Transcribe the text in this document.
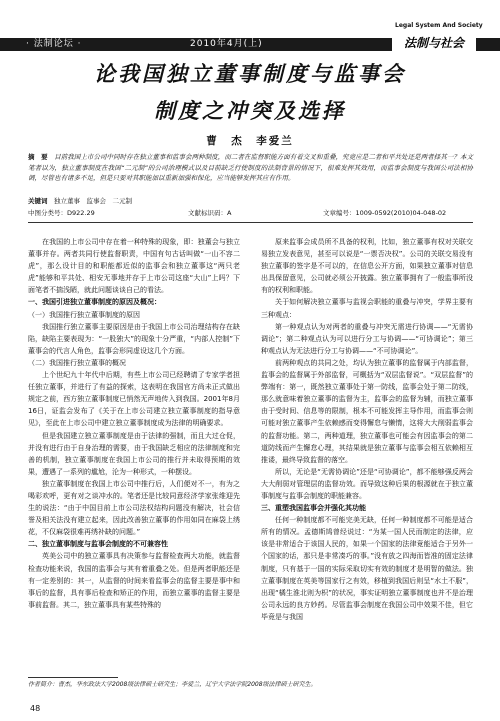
· 法制论坛 ·	2010年4月(上)
Legal System And Society
法制与社会
论我国独立董事制度与监事会
制度之冲突及选择
曹　杰　李爱兰
摘　要　 目前我国上市公司中同时存在独立董事和监事会两种制度，而二者在监督职能方面有着交叉和重叠，究竟应是二者和平共处还是两者择其一？本文笔者以为，独立董事制度在我国“二元制”的公司治理模式以及目前缺乏行使制度的法制背景的情况下，很难发挥其效用，而监事会制度与我国公司法相协调，尽管也有诸多不足，但是只要对其职能加以重新加强和保化，应当能够发挥其应有作用。
关键词　 独立董事　监事会　二元制
中图分类号：D922.29	文献标识码：A	文章编号：1009-0592(2010)04-048-02

在我国的上市公司中存在着一种特殊的现象，即：独董会与独立董事并存。两者共同行使监督职责，中国有句古话叫做“一山不容二虎”，那么设计目的和职能都近似的监事会和独立董事这“两只老虎”能够和平共处、相安无事地并存于上市公司这座“大山”上吗？下面笔者不揣浅陋，就此问题谈谈自己的看法。

一、我国引进独立董事制度的原因及概况：

（一）我国推行独立董事制度的原因

我国推行独立董事主要原因是由于我国上市公司治理结构存在缺陷，缺陷主要表现为：“一股独大”的现象十分严重，“内部人控制”下董事会的代言人角色，监事会形同虚设这几个方面。

（二）我国推行独立董事的概况

上个世纪九十年代中后期，有些上市公司已经聘请了专家学者担任独立董事，并进行了有益的探索，这表明在我国官方尚未正式做出规定之前，西方独立董事制度已悄然无声地传入到我国。2001年8月16日，证监会发布了《关于在上市公司建立独立董事制度的指导意见》，至此在上市公司中建立独立董事制度成为法律的明确要求。

但是我国建立独立董事制度是由于法律的强制，而且大过仓促，并没有进行由于自身治理的需要，由于我国缺乏相应的法律制度和完善的机制，独立董事制度在我国上市公司的推行并未取得预期的效果，遭遇了一系列的尴尬，沦为一种形式，一种摆设。

独立董事制度在我国上市公司中推行后，人们便对不一，有为之喝彩欢呼，更有对之谈冲水的。笔者还是比较同意经济学家张维迎先生的说法：“由于中国目前上市公司法权结构问题没有解决，社会信誉及相关法没有建立起来，因此改善独立董事的作用如同在麻袋上绣花，不仅麻袋很难再绣补缺的问题。”

二、独立董事制度与监事会制度的不可兼容性

英美公司中的独立董事具有决策参与监督检查两大功能，就监督检查功能来说，我国的监事会与其有着重叠之处。但是两者职能还是有一定差别的：其一，从监督的时间来看监事会的监督主要是事中和事后的监督，具有事后检查和矫正的作用，而独立董事的监督主要是事前监督。其二，独立董事具有某些特殊的

原来监事会成员所不具备的权利，比如，独立董事有权对关联交易独立发表意见，甚至可以说是“一票否决权”。公司的关联交易没有独立董事的签字是不可以的，在信息公开方面，如果独立董事对信息出具保留意见，公司就必须公开披露。独立董事拥有了一般监事所没有的权利和职能。

关于如何解决独立董事与监视会职能的重叠与冲突，学界主要有三种观点：

第一种观点认为对两者的重叠与冲突无需进行协调——“无需协调论”；第二种观点认为可以进行分工与协调——“可协调论”；第三种观点认为无法进行分工与协调——“不可协调论”。

前两种观点的共同之处，均认为独立董事的监督属于内部监督，监事会的监督属于外部监督，可概括为“双层监督说”。“双层监督”的弊端有：第一，既然独立董事处于第一防线，监事会处于第二防线，那么就意味着独立董事的监督为主，监事会的监督为辅，而独立董事由于受时间、信息等的限制，根本不可能发挥主导作用，而监事会则可能对独立董事产生依赖感而变得懈怠与懒惰，这将大大削弱监事会的监督功能。第二，两种道理，独立董事也可能会有因监事会的第二道防线而产生懈怠心理，其结果就是独立董事与监事会相互依赖相互推诿，最终导致监督的落空。

所以，无论是“无需协调论”还是“可协调论”，都不能够强反两会大大削弱对管理层的监督功效。而导致这种后果的根源就在于独立董事制度与监事会制度的职能兼容。

三、重塑我国监事会并强化其功能

任何一种制度都不可能完美无缺，任何一种制度都不可能是适合所有的情况。孟德斯鸠曾经说过：“为某一国人民而制定的法律，应该是非常适合于该国人民的，如果一个国家的法律竟能适合于另外一个国家的话，那只是非常凑巧的事。”没有放之四海而皆准的固定法律制度，只有基于一国的实际采取切实有效的制度才是明智的做法。独立董事制度在英美等国家行之有效，移植到我国后则呈“水土不服”，出现“橘生淮北则为枳”的状况，事实证明独立董事制度也并不是治理公司永远的良方妙药。尽管监事会制度在我国公司中效果不佳，但它毕竟是与我国

作者简介：曹杰，华东政法大学2008级法律硕士研究生；李爱兰，辽宁大学法学院2008级法律硕士研究生。
48
